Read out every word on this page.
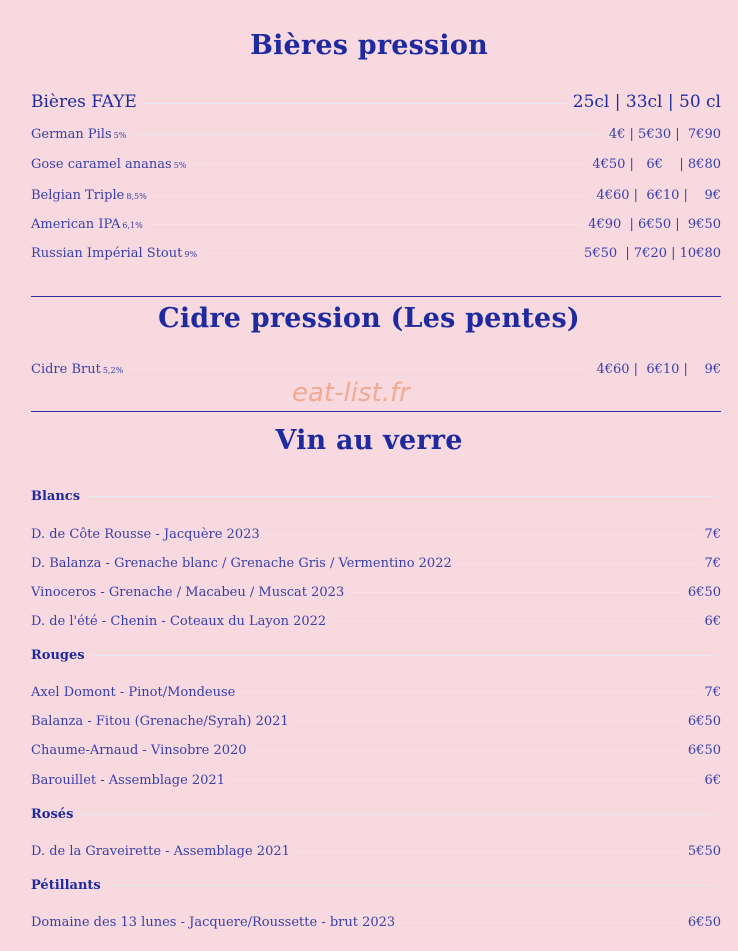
Bières pression
Bières FAYE	25cl | 33cl | 50 cl
German Pils 5%	4€ | 5€30 |  7€90
Gose caramel ananas 5%	4€50 |   6€    | 8€80
Belgian Triple 8,5%	4€60 |  6€10 |    9€
American IPA 6,1%	4€90  | 6€50 |  9€50
Russian Impérial Stout 9%	5€50  | 7€20 | 10€80
Cidre pression (Les pentes)
Cidre Brut 5,2%	4€60 |  6€10 |    9€
eat-list.fr
Vin au verre
Blancs
D. de Côte Rousse - Jacquère 2023	7€
D. Balanza - Grenache blanc / Grenache Gris / Vermentino 2022	7€
Vinoceros - Grenache / Macabeu / Muscat 2023	6€50
D. de l'été - Chenin - Coteaux du Layon 2022	6€
Rouges
Axel Domont - Pinot/Mondeuse	7€
Balanza - Fitou (Grenache/Syrah) 2021	6€50
Chaume-Arnaud - Vinsobre 2020	6€50
Barouillet - Assemblage 2021	6€
Rosés
D. de la Graveirette - Assemblage 2021	5€50
Pétillants
Domaine des 13 lunes - Jacquere/Roussette - brut 2023	6€50
